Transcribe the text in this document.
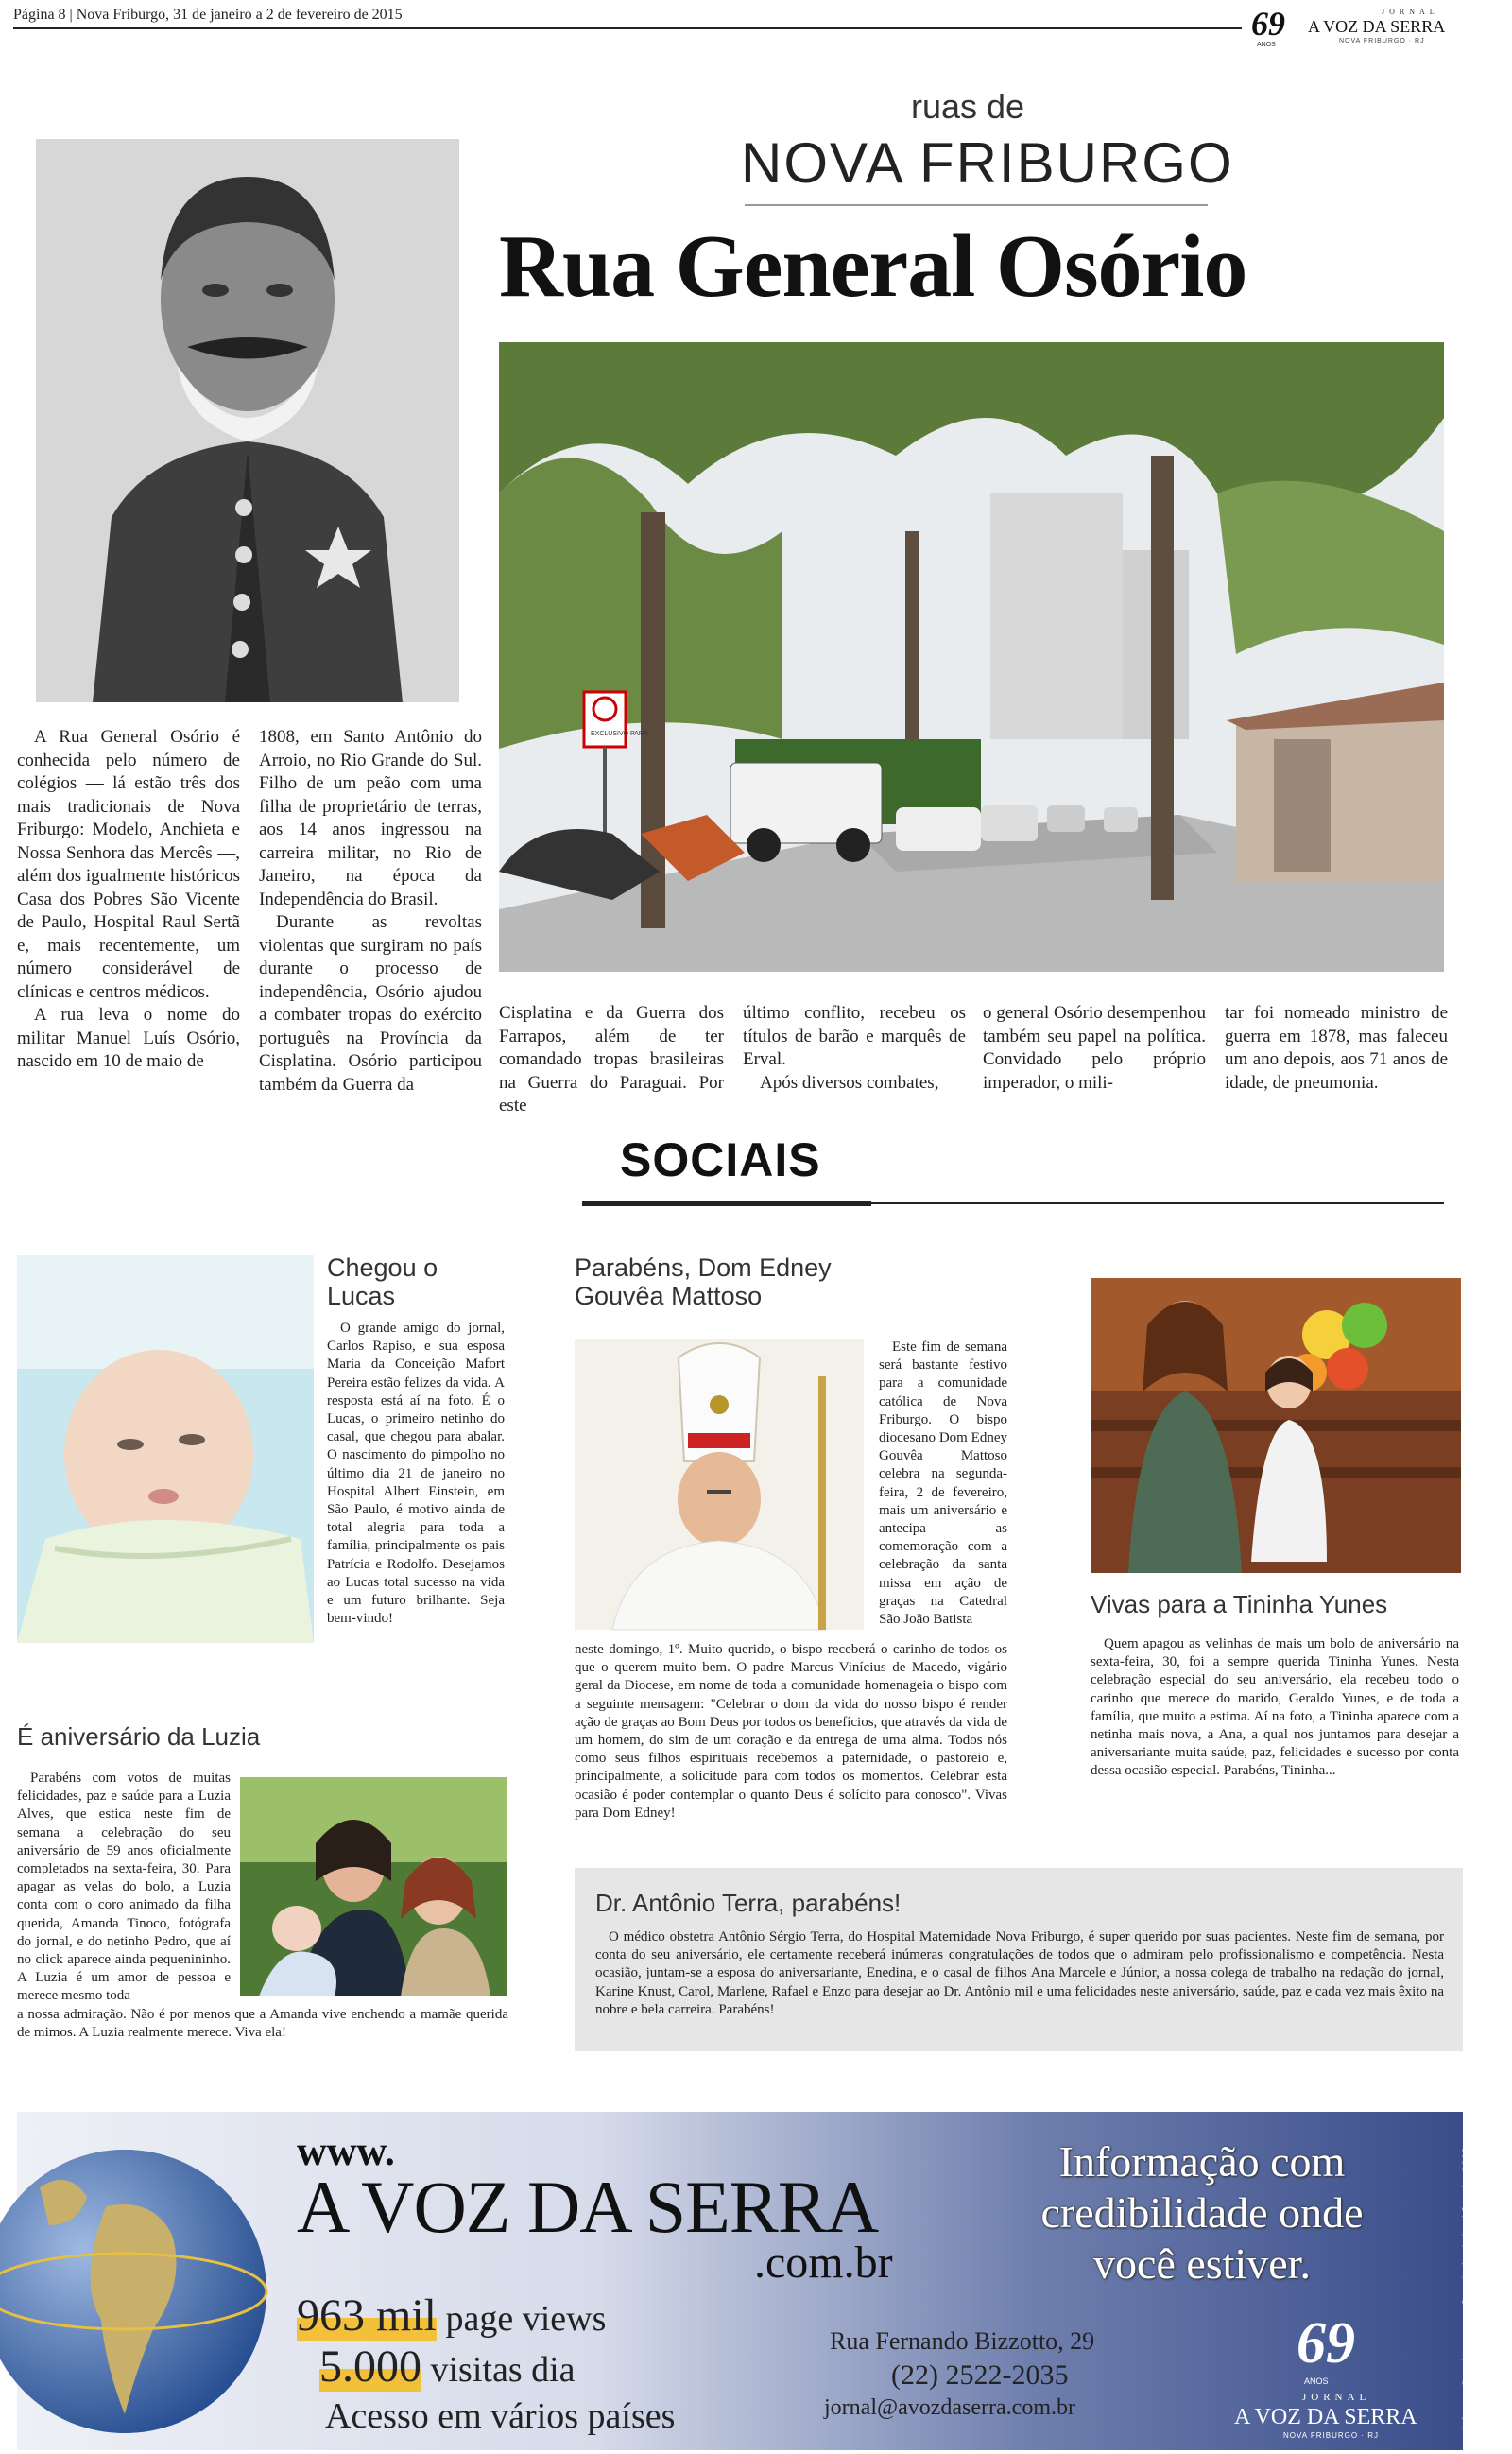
Página 8 | Nova Friburgo, 31 de janeiro a 2 de fevereiro de 2015	69
ANOS
JORNAL
A VOZ DA SERRA
NOVA FRIBURGO · RJ
ruas de
NOVA FRIBURGO
Rua General Osório
EXCLUSIVO PARA

A Rua General Osório é conhecida pelo número de colégios — lá estão três dos mais tradicionais de Nova Friburgo: Modelo, Anchieta e Nossa Senhora das Mercês —, além dos igualmente históricos Casa dos Pobres São Vicente de Paulo, Hospital Raul Sertã e, mais recentemente, um número considerável de clínicas e centros médicos.

A rua leva o nome do militar Manuel Luís Osório, nascido em 10 de maio de

1808, em Santo Antônio do Arroio, no Rio Grande do Sul. Filho de um peão com uma filha de proprietário de terras, aos 14 anos ingressou na carreira militar, no Rio de Janeiro, na época da Independência do Brasil.

Durante as revoltas violentas que surgiram no país durante o processo de independência, Osório ajudou a combater tropas do exército português na Província da Cisplatina. Osório participou também da Guerra da

Cisplatina e da Guerra dos Farrapos, além de ter comandado tropas brasileiras na Guerra do Paraguai. Por este

último conflito, recebeu os títulos de barão e marquês de Erval.

Após diversos combates,

o general Osório desempenhou também seu papel na política. Convidado pelo próprio imperador, o mili-

tar foi nomeado ministro de guerra em 1878, mas faleceu um ano depois, aos 71 anos de idade, de pneumonia.

SOCIAIS
Chegou o Lucas

O grande amigo do jornal, Carlos Rapiso, e sua esposa Maria da Conceição Mafort Pereira estão felizes da vida. A resposta está aí na foto. É o Lucas, o primeiro netinho do casal, que chegou para abalar. O nascimento do pimpolho no último dia 21 de janeiro no Hospital Albert Einstein, em São Paulo, é motivo ainda de total alegria para toda a família, principalmente os pais Patrícia e Rodolfo. Desejamos ao Lucas total sucesso na vida e um futuro brilhante. Seja bem-vindo!

É aniversário da Luzia

Parabéns com votos de muitas felicidades, paz e saúde para a Luzia Alves, que estica neste fim de semana a celebração do seu aniversário de 59 anos oficialmente completados na sexta-feira, 30. Para apagar as velas do bolo, a Luzia conta com o coro animado da filha querida, Amanda Tinoco, fotógrafa do jornal, e do netinho Pedro, que aí no click aparece ainda pequenininho. A Luzia é um amor de pessoa e merece mesmo toda

a nossa admiração. Não é por menos que a Amanda vive enchendo a mamãe querida de mimos. A Luzia realmente merece. Viva ela!

Parabéns, Dom Edney Gouvêa Mattoso

Este fim de semana será bastante festivo para a comunidade católica de Nova Friburgo. O bispo diocesano Dom Edney Gouvêa Mattoso celebra na segunda-feira, 2 de fevereiro, mais um aniversário e antecipa as comemoração com a celebração da santa missa em ação de graças na Catedral São João Batista

neste domingo, 1º. Muito querido, o bispo receberá o carinho de todos os que o querem muito bem. O padre Marcus Vinícius de Macedo, vigário geral da Diocese, em nome de toda a comunidade homenageia o bispo com a seguinte mensagem: "Celebrar o dom da vida do nosso bispo é render ação de graças ao Bom Deus por todos os benefícios, que através da vida de um homem, do sim de um coração e da entrega de uma alma. Todos nós como seus filhos espirituais recebemos a paternidade, o pastoreio e, principalmente, a solicitude para com todos os momentos. Celebrar esta ocasião é poder contemplar o quanto Deus é solícito para conosco". Vivas para Dom Edney!

Vivas para a Tininha Yunes

Quem apagou as velinhas de mais um bolo de aniversário na sexta-feira, 30, foi a sempre querida Tininha Yunes. Nesta celebração especial do seu aniversário, ela recebeu todo o carinho que merece do marido, Geraldo Yunes, e de toda a família, que muito a estima. Aí na foto, a Tininha aparece com a netinha mais nova, a Ana, a qual nos juntamos para desejar a aniversariante muita saúde, paz, felicidades e sucesso por conta dessa ocasião especial. Parabéns, Tininha...

Dr. Antônio Terra, parabéns!

O médico obstetra Antônio Sérgio Terra, do Hospital Maternidade Nova Friburgo, é super querido por suas pacientes. Neste fim de semana, por conta do seu aniversário, ele certamente receberá inúmeras congratulações de todos que o admiram pelo profissionalismo e competência. Nesta ocasião, juntam-se a esposa do aniversariante, Enedina, e o casal de filhos Ana Marcele e Júnior, a nossa colega de trabalho na redação do jornal, Karine Knust, Carol, Marlene, Rafael e Enzo para desejar ao Dr. Antônio mil e uma felicidades neste aniversário, saúde, paz e cada vez mais êxito na nobre e bela carreira. Parabéns!

www.
A VOZ DA SERRA
.com.br
963 mil page views
5.000 visitas dia
Acesso em vários países
Informação com
credibilidade onde
você estiver.
Rua Fernando Bizzotto, 29
(22) 2522-2035
jornal@avozdaserra.com.br
69
ANOS
JORNAL
A VOZ DA SERRA
NOVA FRIBURGO · RJ
Informações de acesso: Google Analytics / Janeiro 2012
